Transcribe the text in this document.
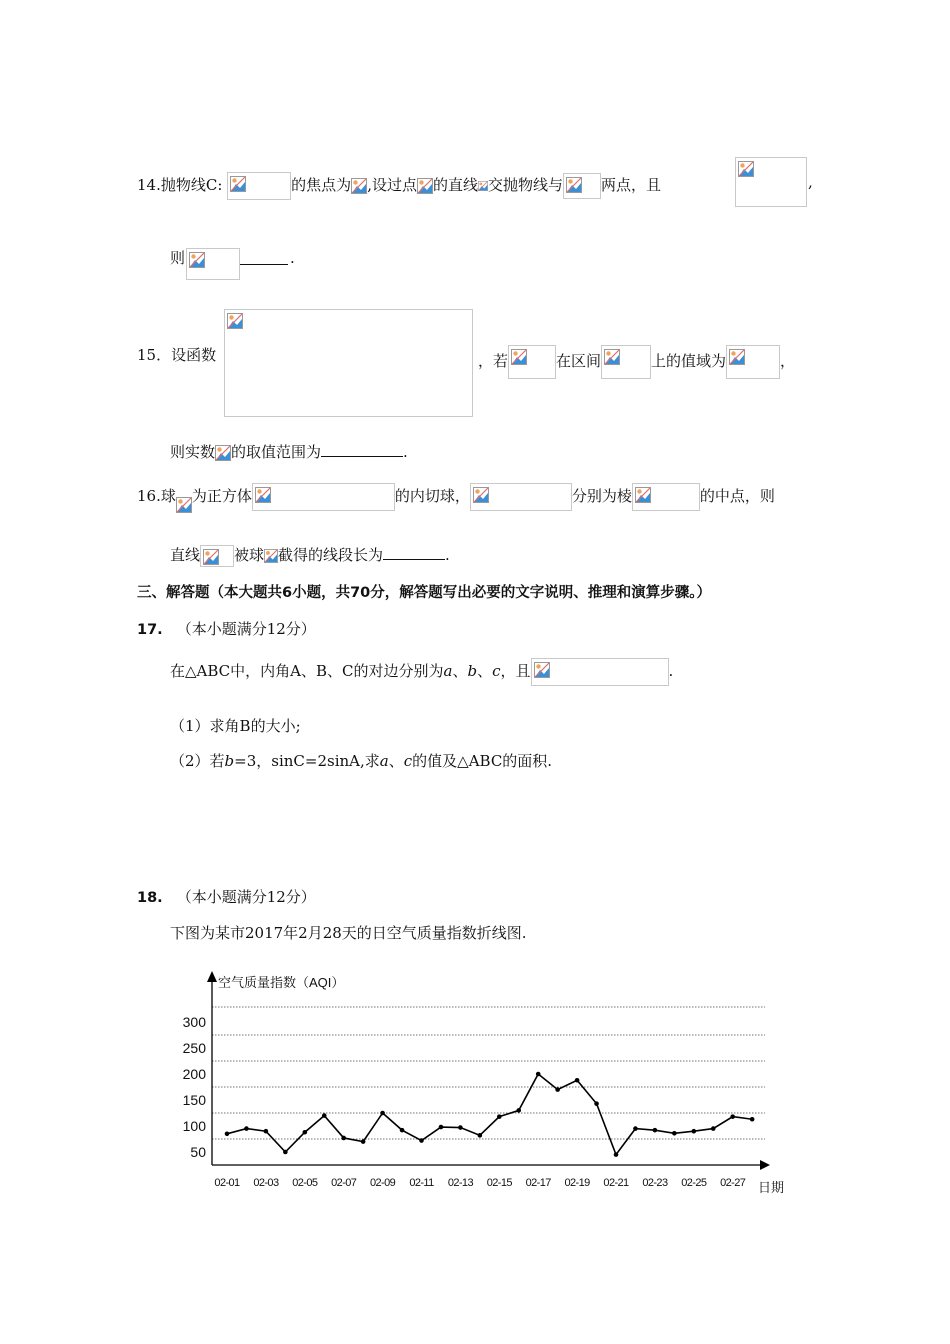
14.抛物线C:	的焦点为 ,设过点 的直线 交抛物线与	两点，且	,
则	.
15．设函数	，若	在区间	上的值域为	，
则实数 的取值范围为	.
16.球 为正方体	的内切球，	分别为棱	的中点，则
直线 被球 截得的线段长为	.
三、解答题（本大题共6小题，共70分，解答题写出必要的文字说明、推理和演算步骤。）
17. （本小题满分12分）
在△ABC中，内角A、B、C的对边分别为a、b、c，且	.
（1）求角B的大小;
（2）若b=3，sinC=2sinA,求a、c的值及△ABC的面积.
18. （本小题满分12分）
下图为某市2017年2月28天的日空气质量指数折线图.
空气质量指数（AQI）
300
250
200
150
100
50
02-01 02-03 02-05 02-07 02-09 02-11 02-13 02-15 02-17 02-19 02-21 02-23 02-25 02-27 日期
